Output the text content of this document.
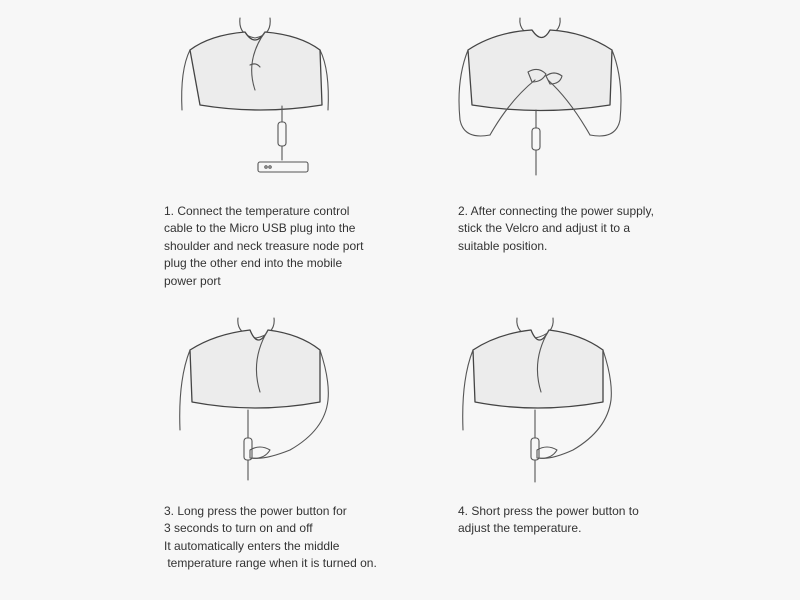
1. Connect the temperature control
cable to the Micro USB plug into the
shoulder and neck treasure node port
plug the other end into the mobile
power port
2. After connecting the power supply,
stick the Velcro and adjust it to a
suitable position.
3. Long press the power button for
3 seconds to turn on and off
It automatically enters the middle
temperature range when it is turned on.
4. Short press the power button to
adjust the temperature.
